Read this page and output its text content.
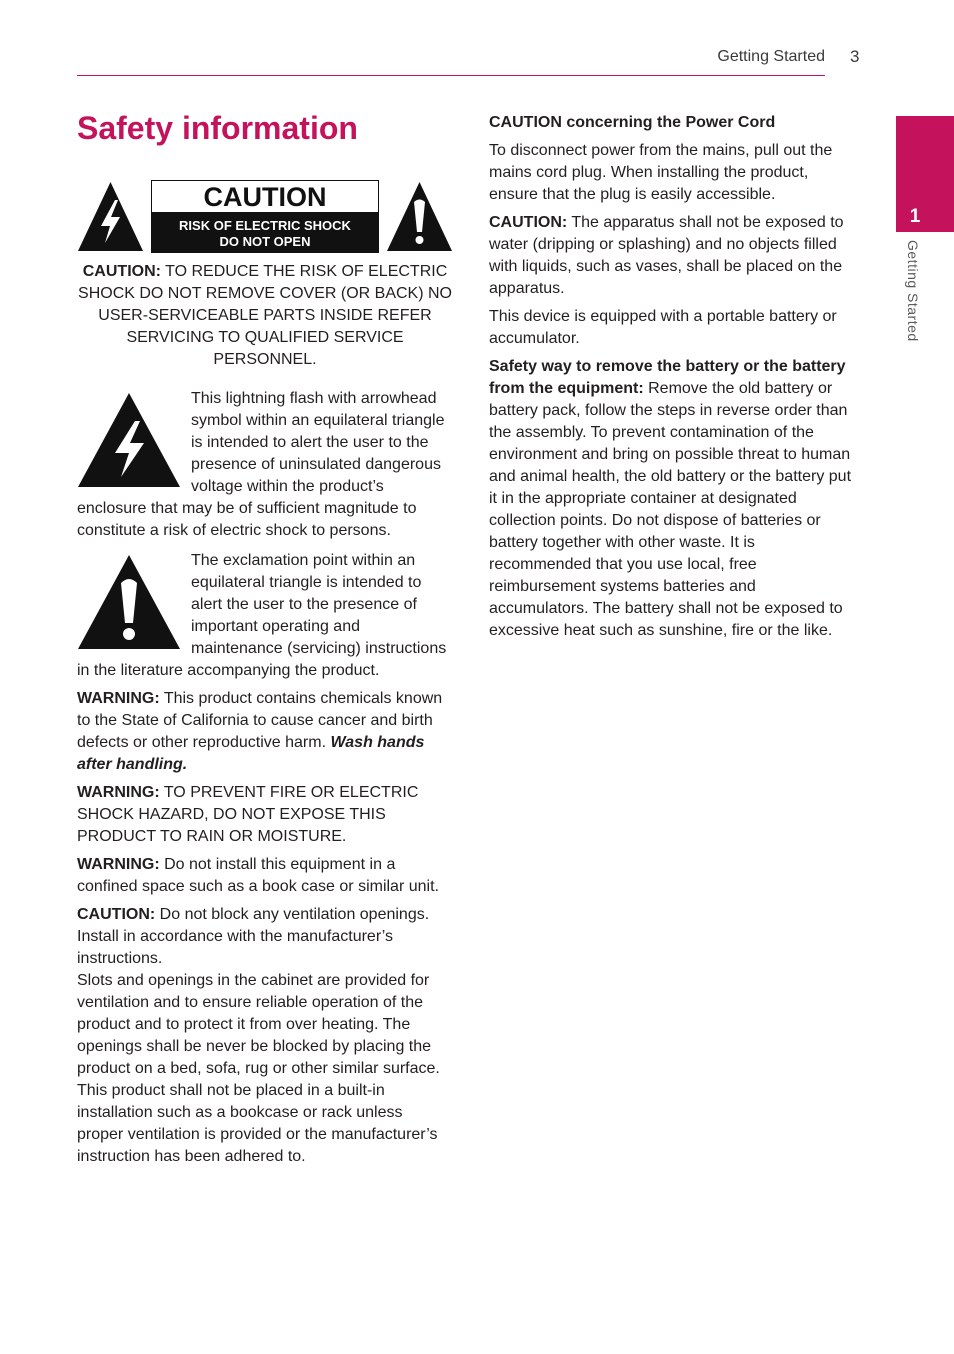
Getting Started 3
1
Getting Started
Safety information
CAUTION
RISK OF ELECTRIC SHOCK
DO NOT OPEN

CAUTION: TO REDUCE THE RISK OF ELECTRIC SHOCK DO NOT REMOVE COVER (OR BACK) NO USER-SERVICEABLE PARTS INSIDE REFER SERVICING TO QUALIFIED SERVICE PERSONNEL.

This lightning flash with arrowhead symbol within an equilateral triangle is intended to alert the user to the presence of uninsulated dangerous voltage within the product’s enclosure that may be of sufficient magnitude to constitute a risk of electric shock to persons.

The exclamation point within an equilateral triangle is intended to alert the user to the presence of important operating and maintenance (servicing) instructions in the literature accompanying the product.

WARNING: This product contains chemicals known to the State of California to cause cancer and birth defects or other reproductive harm. Wash hands after handling.

WARNING: TO PREVENT FIRE OR ELECTRIC SHOCK HAZARD, DO NOT EXPOSE THIS PRODUCT TO RAIN OR MOISTURE.

WARNING: Do not install this equipment in a confined space such as a book case or similar unit.

CAUTION: Do not block any ventilation openings. Install in accordance with the manufacturer’s instructions.

Slots and openings in the cabinet are provided for ventilation and to ensure reliable operation of the product and to protect it from over heating. The openings shall be never be blocked by placing the product on a bed, sofa, rug or other similar surface. This product shall not be placed in a built-in installation such as a bookcase or rack unless proper ventilation is provided or the manufacturer’s instruction has been adhered to.

CAUTION concerning the Power Cord

To disconnect power from the mains, pull out the mains cord plug. When installing the product, ensure that the plug is easily accessible.

CAUTION: The apparatus shall not be exposed to water (dripping or splashing) and no objects filled with liquids, such as vases, shall be placed on the apparatus.

This device is equipped with a portable battery or accumulator.

Safety way to remove the battery or the battery from the equipment: Remove the old battery or battery pack, follow the steps in reverse order than the assembly. To prevent contamination of the environment and bring on possible threat to human and animal health, the old battery or the battery put it in the appropriate container at designated collection points. Do not dispose of batteries or battery together with other waste. It is recommended that you use local, free reimbursement systems batteries and accumulators. The battery shall not be exposed to excessive heat such as sunshine, fire or the like.
